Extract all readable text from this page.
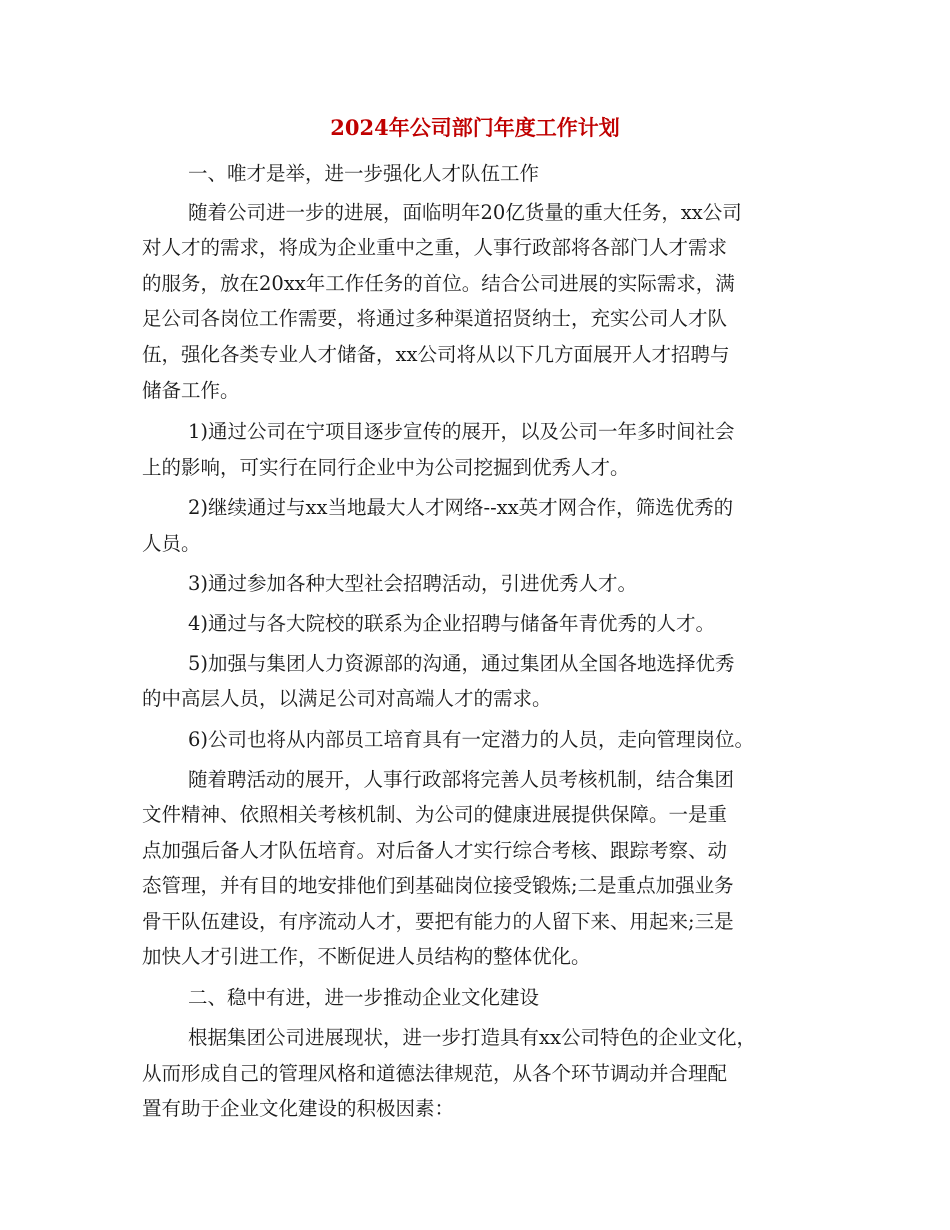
2024年公司部门年度工作计划

一、唯才是举，进一步强化人才队伍工作

随着公司进一步的进展，面临明年20亿货量的重大任务，xx公司

对人才的需求，将成为企业重中之重，人事行政部将各部门人才需求

的服务，放在20xx年工作任务的首位。结合公司进展的实际需求，满

足公司各岗位工作需要，将通过多种渠道招贤纳士，充实公司人才队

伍，强化各类专业人才储备，xx公司将从以下几方面展开人才招聘与

储备工作。

1)通过公司在宁项目逐步宣传的展开，以及公司一年多时间社会

上的影响，可实行在同行企业中为公司挖掘到优秀人才。

2)继续通过与xx当地最大人才网络--xx英才网合作，筛选优秀的

人员。

3)通过参加各种大型社会招聘活动，引进优秀人才。

4)通过与各大院校的联系为企业招聘与储备年青优秀的人才。

5)加强与集团人力资源部的沟通，通过集团从全国各地选择优秀

的中高层人员，以满足公司对高端人才的需求。

6)公司也将从内部员工培育具有一定潜力的人员，走向管理岗位。

随着聘活动的展开，人事行政部将完善人员考核机制，结合集团

文件精神、依照相关考核机制、为公司的健康进展提供保障。一是重

点加强后备人才队伍培育。对后备人才实行综合考核、跟踪考察、动

态管理，并有目的地安排他们到基础岗位接受锻炼;二是重点加强业务

骨干队伍建设，有序流动人才，要把有能力的人留下来、用起来;三是

加快人才引进工作，不断促进人员结构的整体优化。

二、稳中有进，进一步推动企业文化建设

根据集团公司进展现状，进一步打造具有xx公司特色的企业文化，

从而形成自己的管理风格和道德法律规范，从各个环节调动并合理配

置有助于企业文化建设的积极因素：
